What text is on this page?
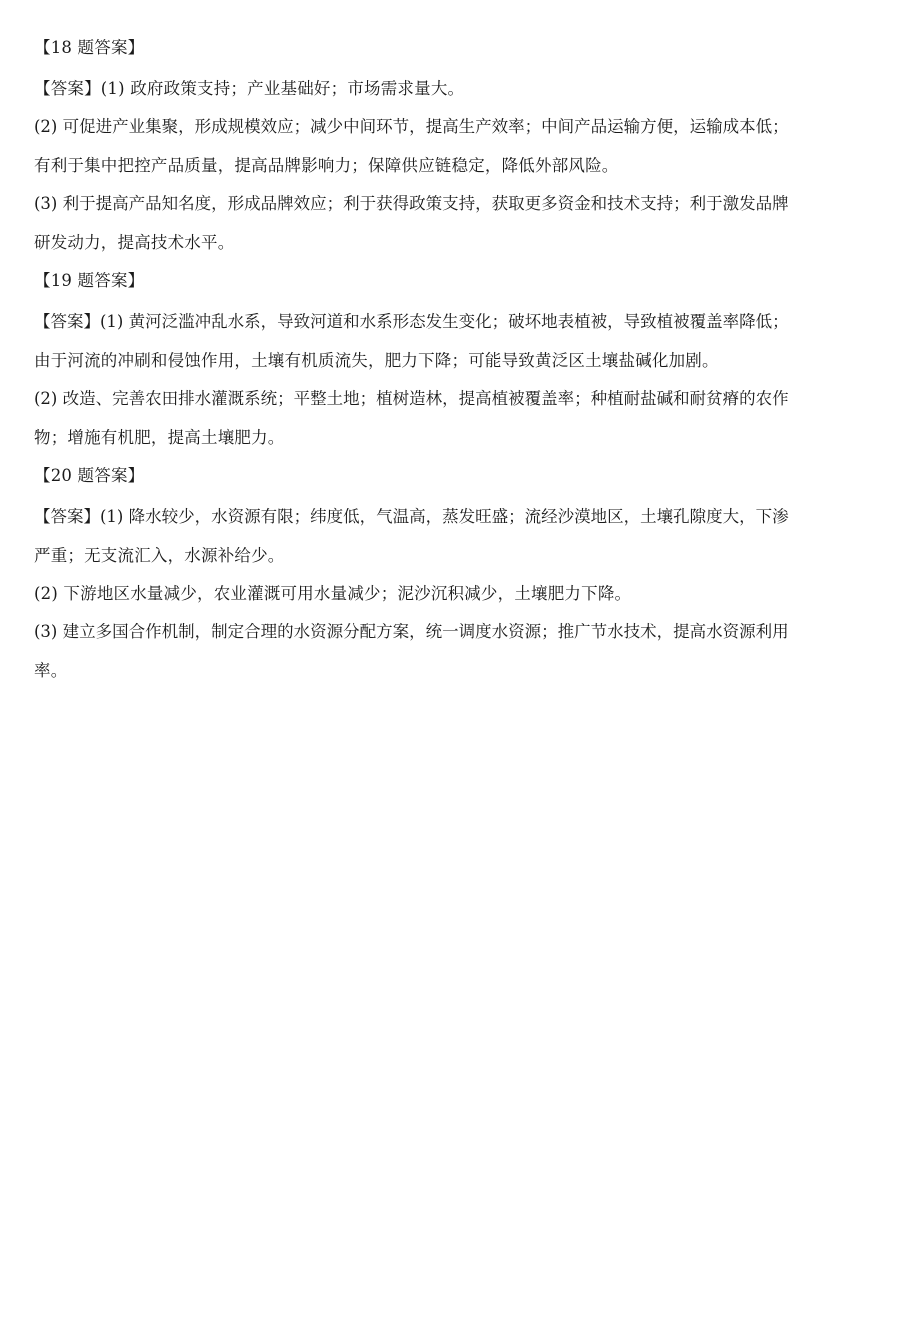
【18 题答案】
【答案】(1) 政府政策支持；产业基础好；市场需求量大。
(2) 可促进产业集聚，形成规模效应；减少中间环节，提高生产效率；中间产品运输方便，运输成本低；
有利于集中把控产品质量，提高品牌影响力；保障供应链稳定，降低外部风险。
(3) 利于提高产品知名度，形成品牌效应；利于获得政策支持，获取更多资金和技术支持；利于激发品牌
研发动力，提高技术水平。
【19 题答案】
【答案】(1) 黄河泛滥冲乱水系，导致河道和水系形态发生变化；破坏地表植被，导致植被覆盖率降低；
由于河流的冲刷和侵蚀作用，土壤有机质流失，肥力下降；可能导致黄泛区土壤盐碱化加剧。
(2) 改造、完善农田排水灌溉系统；平整土地；植树造林，提高植被覆盖率；种植耐盐碱和耐贫瘠的农作
物；增施有机肥，提高土壤肥力。
【20 题答案】
【答案】(1) 降水较少，水资源有限；纬度低，气温高，蒸发旺盛；流经沙漠地区，土壤孔隙度大，下渗
严重；无支流汇入，水源补给少。
(2) 下游地区水量减少，农业灌溉可用水量减少；泥沙沉积减少，土壤肥力下降。
(3) 建立多国合作机制，制定合理的水资源分配方案，统一调度水资源；推广节水技术，提高水资源利用
率。
